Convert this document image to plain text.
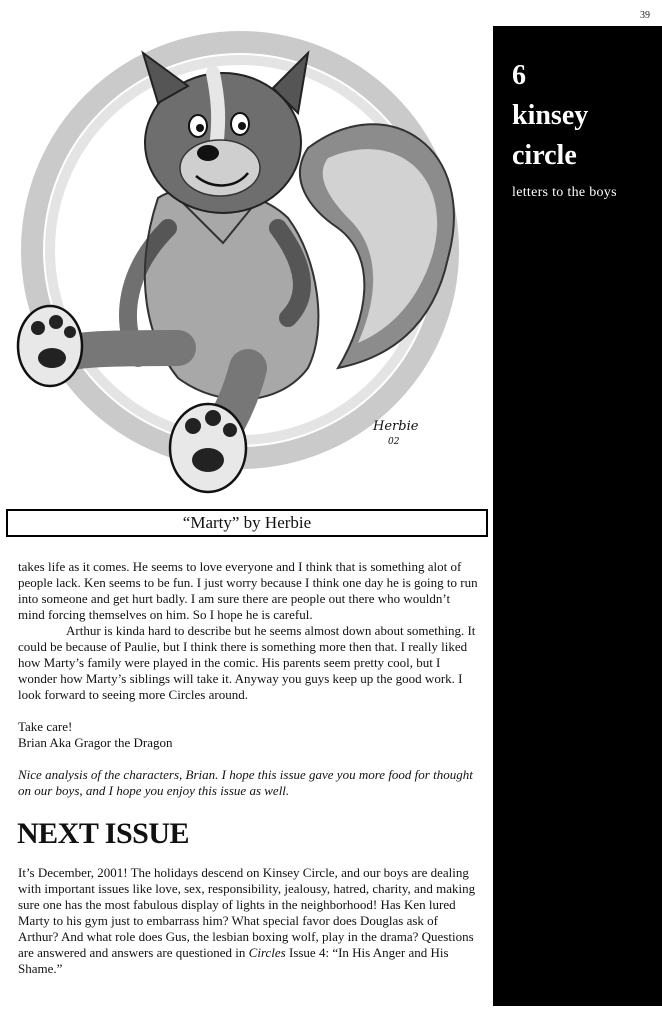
39
6
kinsey
circle
letters to the boys
Herbie
02
“Marty” by Herbie

takes life as it comes. He seems to love everyone and I think that is something alot of people lack. Ken seems to be fun. I just worry because I think one day he is going to run into someone and get hurt badly. I am sure there are people out there who wouldn’t mind forcing themselves on him. So I hope he is careful.

Arthur is kinda hard to describe but he seems almost down about something. It could be because of Paulie, but I think there is something more then that. I really liked how Marty’s family were played in the comic. His parents seem pretty cool, but I wonder how Marty’s siblings will take it. Anyway you guys keep up the good work. I look forward to seeing more Circles around.

Take care!

Brian Aka Gragor the Dragon

Nice analysis of the characters, Brian. I hope this issue gave you more food for thought on our boys, and I hope you enjoy this issue as well.

NEXT ISSUE

It’s December, 2001! The holidays descend on Kinsey Circle, and our boys are dealing with important issues like love, sex, responsibility, jealousy, hatred, charity, and making sure one has the most fabulous display of lights in the neighborhood! Has Ken lured Marty to his gym just to embarrass him? What special favor does Douglas ask of Arthur? And what role does Gus, the lesbian boxing wolf, play in the drama? Questions are answered and answers are questioned in Circles Issue 4: “In His Anger and His Shame.”
